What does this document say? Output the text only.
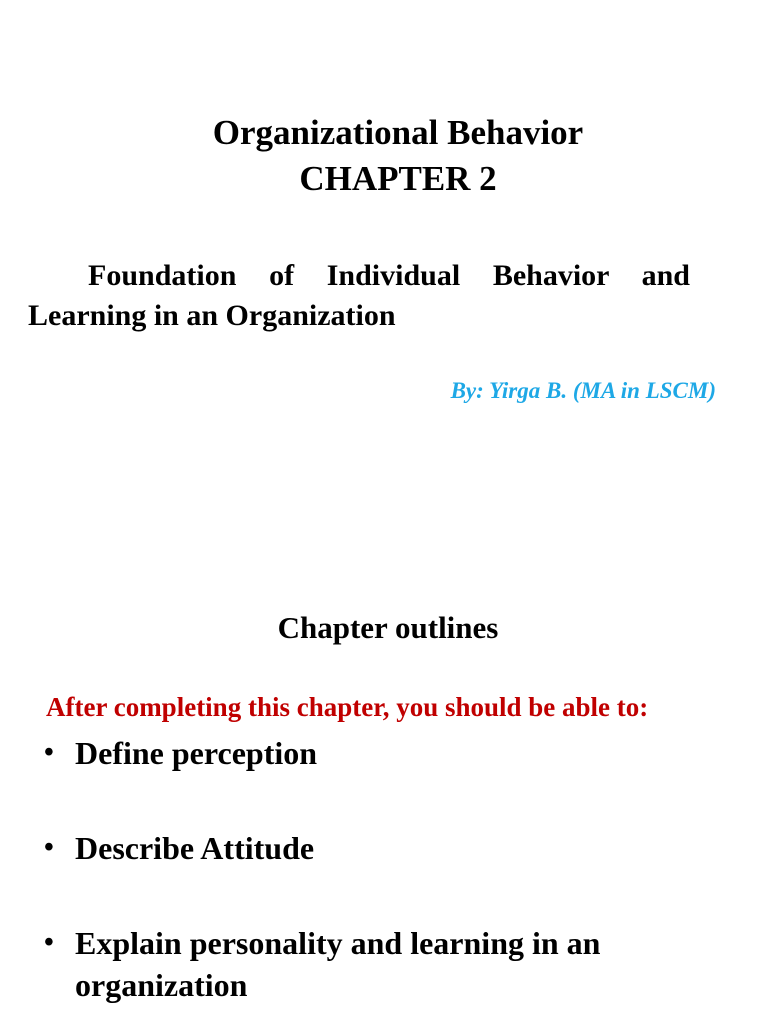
Organizational Behavior
CHAPTER 2

Foundation of Individual Behavior and Learning in an Organization

By: Yirga B. (MA in LSCM)

Chapter outlines

After completing this chapter, you should be able to:

• Define perception
• Describe Attitude
• Explain personality and learning in an organization
